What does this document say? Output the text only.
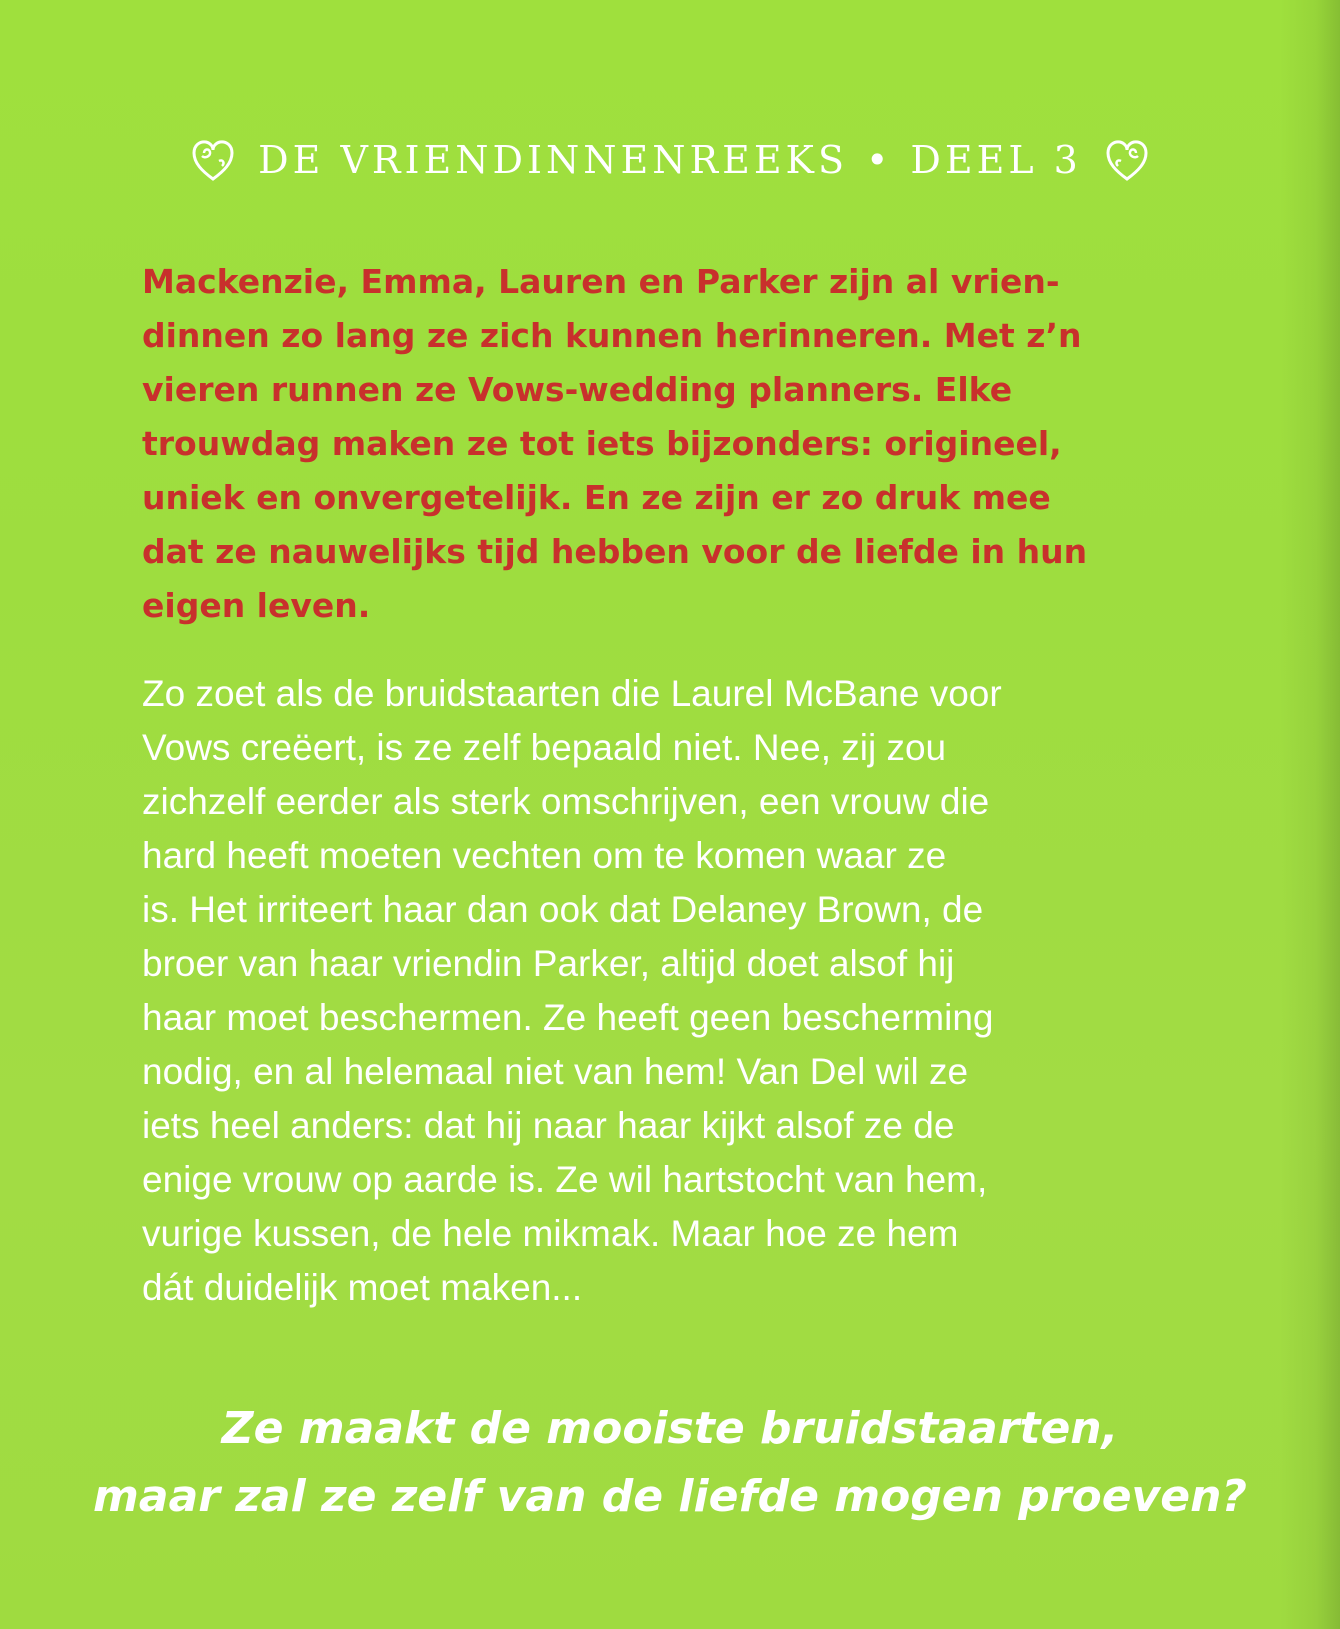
DE VRIENDINNENREEKS • DEEL 3

Mackenzie, Emma, Lauren en Parker zijn al vrien-
dinnen zo lang ze zich kunnen herinneren. Met z’n
vieren runnen ze Vows-wedding planners. Elke
trouwdag maken ze tot iets bijzonders: origineel,
uniek en onvergetelijk. En ze zijn er zo druk mee
dat ze nauwelijks tijd hebben voor de liefde in hun
eigen leven.

Zo zoet als de bruidstaarten die Laurel McBane voor
Vows creëert, is ze zelf bepaald niet. Nee, zij zou
zichzelf eerder als sterk omschrijven, een vrouw die
hard heeft moeten vechten om te komen waar ze
is. Het irriteert haar dan ook dat Delaney Brown, de
broer van haar vriendin Parker, altijd doet alsof hij
haar moet beschermen. Ze heeft geen bescherming
nodig, en al helemaal niet van hem! Van Del wil ze
iets heel anders: dat hij naar haar kijkt alsof ze de
enige vrouw op aarde is. Ze wil hartstocht van hem,
vurige kussen, de hele mikmak. Maar hoe ze hem
dát duidelijk moet maken...

Ze maakt de mooiste bruidstaarten,
maar zal ze zelf van de liefde mogen proeven?
